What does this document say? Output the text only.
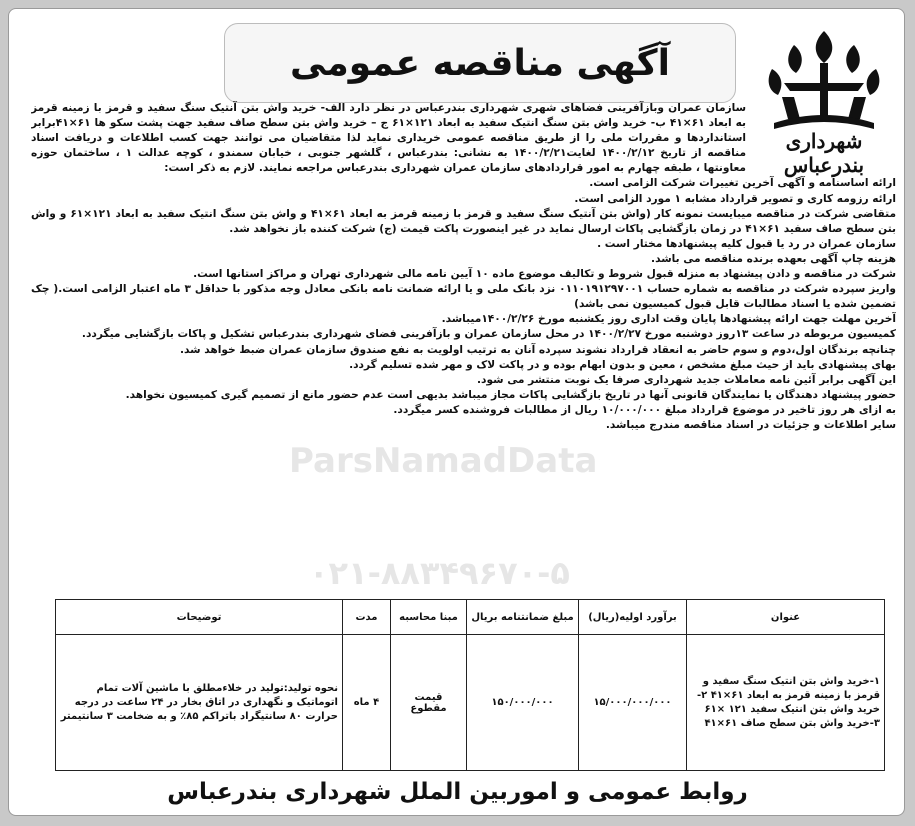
آگهی مناقصه عمومی
شهرداری بندرعباس

سازمان عمران وبازآفرینی فضاهای شهری شهرداری بندرعباس در نظر دارد الف- خرید واش بتن آنتیک سنگ سفید و قرمز با زمینه قرمز به ابعاد ۶۱×۴۱ ب- خرید واش بتن سنگ انتیک سفید به ابعاد ۱۲۱×۶۱ ج – خرید واش بتن سطح صاف سفید جهت پشت سکو ها ۶۱×۴۱برابر استانداردها و مقررات ملی را از طریق مناقصه عمومی خریداری نماید لذا متقاضیان می توانند جهت کسب اطلاعات و دریافت اسناد مناقصه از تاریخ ۱۴۰۰/۲/۱۲ لغایت۱۴۰۰/۲/۲۱ به نشانی: بندرعباس ، گلشهر جنوبی ، خیابان سمندو ، کوچه عدالت ۱ ، ساختمان حوزه معاونتها ، طبقه چهارم به امور قراردادهای سازمان عمران شهرداری بندرعباس مراجعه نمایند. لازم به ذکر است:

ارائه اساسنامه و آگهی آخرین تغییرات شرکت الزامی است.

ارائه رزومه کاری و تصویر قرارداد مشابه ۱ مورد الزامی است.

متقاضی شرکت در مناقصه میبایست نمونه کار (واش بتن آنتیک سنگ سفید و قرمز با زمینه قرمز به ابعاد ۶۱×۴۱ و واش بتن سنگ انتیک سفید به ابعاد ۱۲۱×۶۱ و واش بتن سطح صاف سفید ۶۱×۴۱ در زمان بازگشایی پاکات ارسال نماید در غیر اینصورت پاکت قیمت (ج) شرکت کننده باز نخواهد شد.

سازمان عمران در رد یا قبول کلیه پیشنهادها مختار است .

هزینه چاپ آگهی بعهده برنده مناقصه می باشد.

شرکت در مناقصه و دادن پیشنهاد به منزله قبول شروط و تکالیف موضوع ماده ۱۰ آیین نامه مالی شهرداری تهران و مراکز استانها است.

واریز سپرده شرکت در مناقصه به شماره حساب ۰۱۱۰۱۹۱۲۹۷۰۰۱ نزد بانک ملی و یا ارائه ضمانت نامه بانکی معادل وجه مذکور با حداقل ۳ ماه اعتبار الزامی است.( چک تضمین شده یا اسناد مطالبات قابل قبول کمیسیون نمی باشد)

آخرین مهلت جهت ارائه پیشنهادها پایان وقت اداری روز یکشنبه مورخ ۱۴۰۰/۲/۲۶میباشد.

کمیسیون مربوطه در ساعت ۱۳روز دوشنبه مورخ ۱۴۰۰/۲/۲۷ در محل سازمان عمران و بازآفرینی فضای شهرداری بندرعباس تشکیل و پاکات بازگشایی میگردد.

چنانچه برندگان اول،دوم و سوم حاضر به انعقاد قرارداد نشوند سپرده آنان به ترتیب اولویت به نفع صندوق سازمان عمران ضبط خواهد شد.

بهای پیشنهادی باید از حیث مبلغ مشخص ، معین و بدون ابهام بوده و در پاکت لاک و مهر شده تسلیم گردد.

این آگهی برابر آئین نامه معاملات جدید شهرداری صرفا یک نوبت منتشر می شود.

حضور پیشنهاد دهندگان یا نمایندگان قانونی آنها در تاریخ بازگشایی پاکات مجاز میباشد بدیهی است عدم حضور مانع از تصمیم گیری کمیسیون نخواهد.

به ازای هر روز تاخیر در موضوع قرارداد مبلغ ۱۰/۰۰۰/۰۰۰ ریال از مطالبات فروشنده کسر میگردد.

سایر اطلاعات و جزئیات در اسناد مناقصه مندرج میباشد.

ParsNamadData
۰۲۱-۸۸۳۴۹۶۷۰-۵
عنوان	برآورد اولیه(ریال)	مبلغ ضمانتنامه بریال	مبنا محاسبه	مدت	توضیحات
۱-خرید واش بتن انتیک سنگ سفید و قرمز با زمینه قرمز به ابعاد ۶۱×۴۱ ۲-خرید واش بتن انتیک سفید ۱۲۱ ×۶۱ ۳-خرید واش بتن سطح صاف ۶۱×۴۱	۱۵/۰۰۰/۰۰۰/۰۰۰	۱۵۰/۰۰۰/۰۰۰	قیمت مقطوع	۴ ماه	نحوه تولید:تولید در خلاءمطلق با ماشین آلات تمام اتوماتیک و نگهداری در اتاق بخار در ۲۴ ساعت در درجه حرارت ۸۰ سانتیگراد باتراکم ۸۵٪ و به ضخامت ۳ سانتیمتر
روابط عمومی و اموربین الملل شهرداری بندرعباس
